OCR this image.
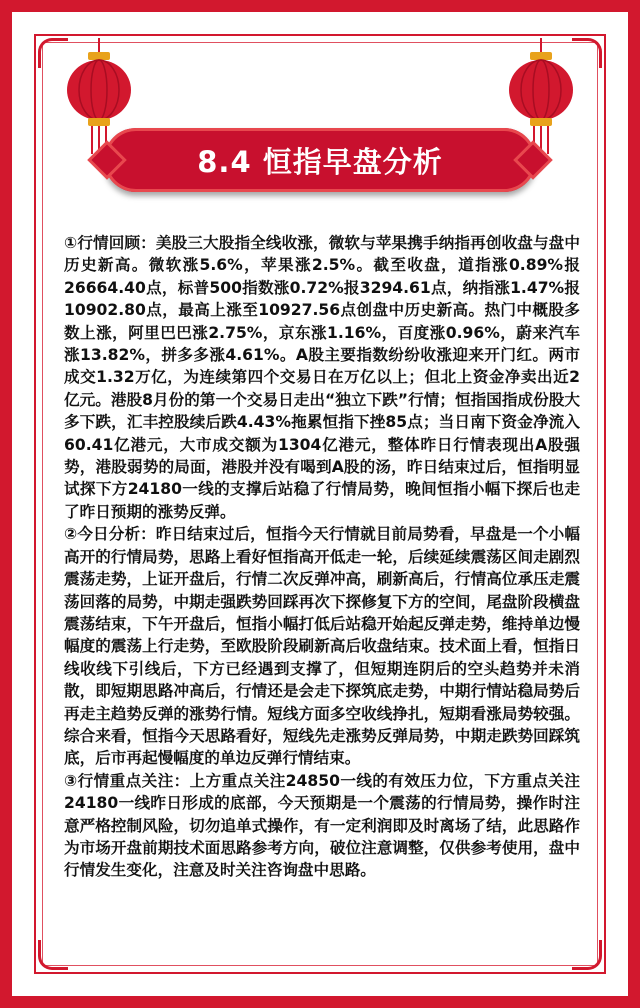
8.4 恒指早盘分析

①行情回顾：美股三大股指全线收涨，微软与苹果携手纳指再创收盘与盘中历史新高。微软涨5.6%，苹果涨2.5%。截至收盘，道指涨0.89%报26664.40点，标普500指数涨0.72%报3294.61点，纳指涨1.47%报10902.80点，最高上涨至10927.56点创盘中历史新高。热门中概股多数上涨，阿里巴巴涨2.75%，京东涨1.16%，百度涨0.96%，蔚来汽车涨13.82%，拼多多涨4.61%。A股主要指数纷纷收涨迎来开门红。两市成交1.32万亿，为连续第四个交易日在万亿以上；但北上资金净卖出近2亿元。港股8月份的第一个交易日走出“独立下跌”行情；恒指国指成份股大多下跌，汇丰控股续后跌4.43%拖累恒指下挫85点；当日南下资金净流入60.41亿港元，大市成交额为1304亿港元，整体昨日行情表现出A股强势，港股弱势的局面，港股并没有喝到A股的汤，昨日结束过后，恒指明显试探下方24180一线的支撑后站稳了行情局势，晚间恒指小幅下探后也走了昨日预期的涨势反弹。

②今日分析：昨日结束过后，恒指今天行情就目前局势看，早盘是一个小幅高开的行情局势，思路上看好恒指高开低走一轮，后续延续震荡区间走剧烈震荡走势，上证开盘后，行情二次反弹冲高，刷新高后，行情高位承压走震荡回落的局势，中期走强跌势回踩再次下探修复下方的空间，尾盘阶段横盘震荡结束，下午开盘后，恒指小幅打低后站稳开始起反弹走势，维持单边慢幅度的震荡上行走势，至欧股阶段刷新高后收盘结束。技术面上看，恒指日线收线下引线后，下方已经遇到支撑了，但短期连阴后的空头趋势并未消散，即短期思路冲高后，行情还是会走下探筑底走势，中期行情站稳局势后再走主趋势反弹的涨势行情。短线方面多空收线挣扎，短期看涨局势较强。综合来看，恒指今天思路看好，短线先走涨势反弹局势，中期走跌势回踩筑底，后市再起慢幅度的单边反弹行情结束。

③行情重点关注：上方重点关注24850一线的有效压力位，下方重点关注24180一线昨日形成的底部，今天预期是一个震荡的行情局势，操作时注意严格控制风险，切勿追单式操作，有一定利润即及时离场了结，此思路作为市场开盘前期技术面思路参考方向，破位注意调整，仅供参考使用，盘中行情发生变化，注意及时关注咨询盘中思路。
